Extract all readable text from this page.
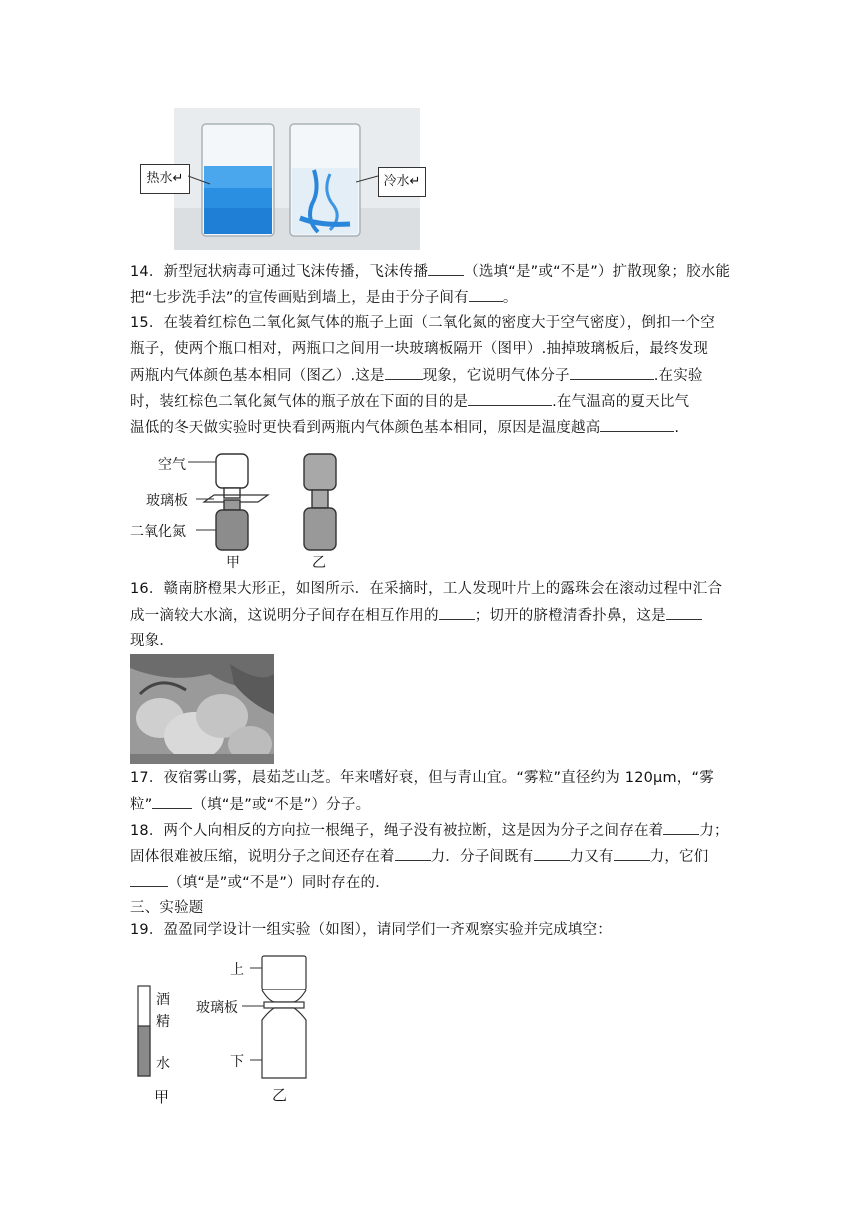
热水↵	冷水↵
14．新型冠状病毒可通过飞沫传播，飞沫传播 （选填“是”或“不是”）扩散现象；胶水能
把“七步洗手法”的宣传画贴到墙上，是由于分子间有 。
15．在装着红棕色二氧化氮气体的瓶子上面（二氧化氮的密度大于空气密度），倒扣一个空
瓶子，使两个瓶口相对，两瓶口之间用一块玻璃板隔开（图甲）.抽掉玻璃板后，最终发现
两瓶内气体颜色基本相同（图乙）.这是	现象，它说明气体分子	.在实验
时，装红棕色二氧化氮气体的瓶子放在下面的目的是	.在气温高的夏天比气
温低的冬天做实验时更快看到两瓶内气体颜色基本相同，原因是温度越高	.
空气
玻璃板
二氧化氮
甲	乙
16．赣南脐橙果大形正，如图所示．在采摘时，工人发现叶片上的露珠会在滚动过程中汇合
成一滴较大水滴，这说明分子间存在相互作用的 ；切开的脐橙清香扑鼻，这是
现象．
17．夜宿雾山雾，晨茹芝山芝。年来嗜好衰，但与青山宜。“雾粒”直径约为 120μm，“雾
粒”	（填“是”或“不是”）分子。
18．两个人向相反的方向拉一根绳子，绳子没有被拉断，这是因为分子之间存在着 力；
固体很难被压缩，说明分子之间还存在着 力．分子间既有 力又有 力，它们
（填“是”或“不是”）同时存在的．
三、实验题
19．盈盈同学设计一组实验（如图），请同学们一齐观察实验并完成填空：
酒
精
水
甲
上
玻璃板
下
乙
